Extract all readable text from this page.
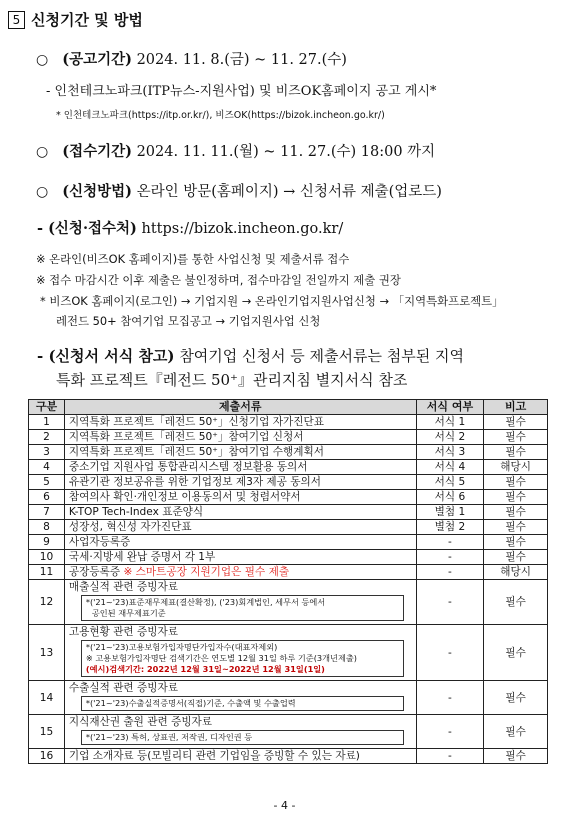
5 신청기간 및 방법
○ (공고기간) 2024. 11. 8.(금) ~ 11. 27.(수)
- 인천테크노파크(ITP뉴스-지원사업) 및 비즈OK홈페이지 공고 게시*
* 인천테크노파크(https://itp.or.kr/), 비즈OK(https://bizok.incheon.go.kr/)
○ (접수기간) 2024. 11. 11.(월) ~ 11. 27.(수) 18:00 까지
○ (신청방법) 온라인 방문(홈페이지) → 신청서류 제출(업로드)
- (신청·접수처) https://bizok.incheon.go.kr/
※ 온라인(비즈OK 홈페이지)를 통한 사업신청 및 제출서류 접수
※ 접수 마감시간 이후 제출은 불인정하며, 접수마감일 전일까지 제출 권장
* 비즈OK 홈페이지(로그인) → 기업지원 → 온라인기업지원사업신청 → 「지역특화프로젝트」
레전드 50+ 참여기업 모집공고 → 기업지원사업 신청
- (신청서 서식 참고) 참여기업 신청서 등 제출서류는 첨부된 지역
특화 프로젝트『레전드 50⁺』관리지침 별지서식 참조
구분	제출서류	서식 여부	비고
1	지역특화 프로젝트「레전드 50⁺」신청기업 자가진단표	서식 1	필수
2	지역특화 프로젝트「레전드 50⁺」참여기업 신청서	서식 2	필수
3	지역특화 프로젝트「레전드 50⁺」참여기업 수행계획서	서식 3	필수
4	중소기업 지원사업 통합관리시스템 정보활용 동의서	서식 4	해당시
5	유관기관 정보공유를 위한 기업정보 제3자 제공 동의서	서식 5	필수
6	참여의사 확인·개인정보 이용동의서 및 청렴서약서	서식 6	필수
7	K-TOP Tech-Index 표준양식	별첨 1	필수
8	성장성, 혁신성 자가진단표	별첨 2	필수
9	사업자등록증	-	필수
10	국세·지방세 완납 증명서 각 1부	-	필수
11	공장등록증 ※ 스마트공장 지원기업은 필수 제출	-	해당시
12	매출실적 관련 증빙자료
*('21~'23)표준재무제표(결산확정), ('23)회계법인, 세무서 등에서
공인된 재무제표기준	-	필수
13	고용현황 관련 증빙자료
*('21~'23)고용보험가입자명단가입자수(대표자제외)
※ 고용보험가입자명단 검색기간은 연도별 12월 31일 하루 기준(3개년제출)
(예시)검색기간: 2022년 12월 31일~2022년 12월 31일(1일)	-	필수
14	수출실적 관련 증빙자료
*('21~'23)수출실적증명서(직접)기준, 수출액 및 수출업력	-	필수
15	지식재산권 출원 관련 증빙자료
*('21~'23) 특허, 상표권, 저작권, 디자인권 등	-	필수
16	기업 소개자료 등(모빌리티 관련 기업임을 증빙할 수 있는 자료)	-	필수
- 4 -
